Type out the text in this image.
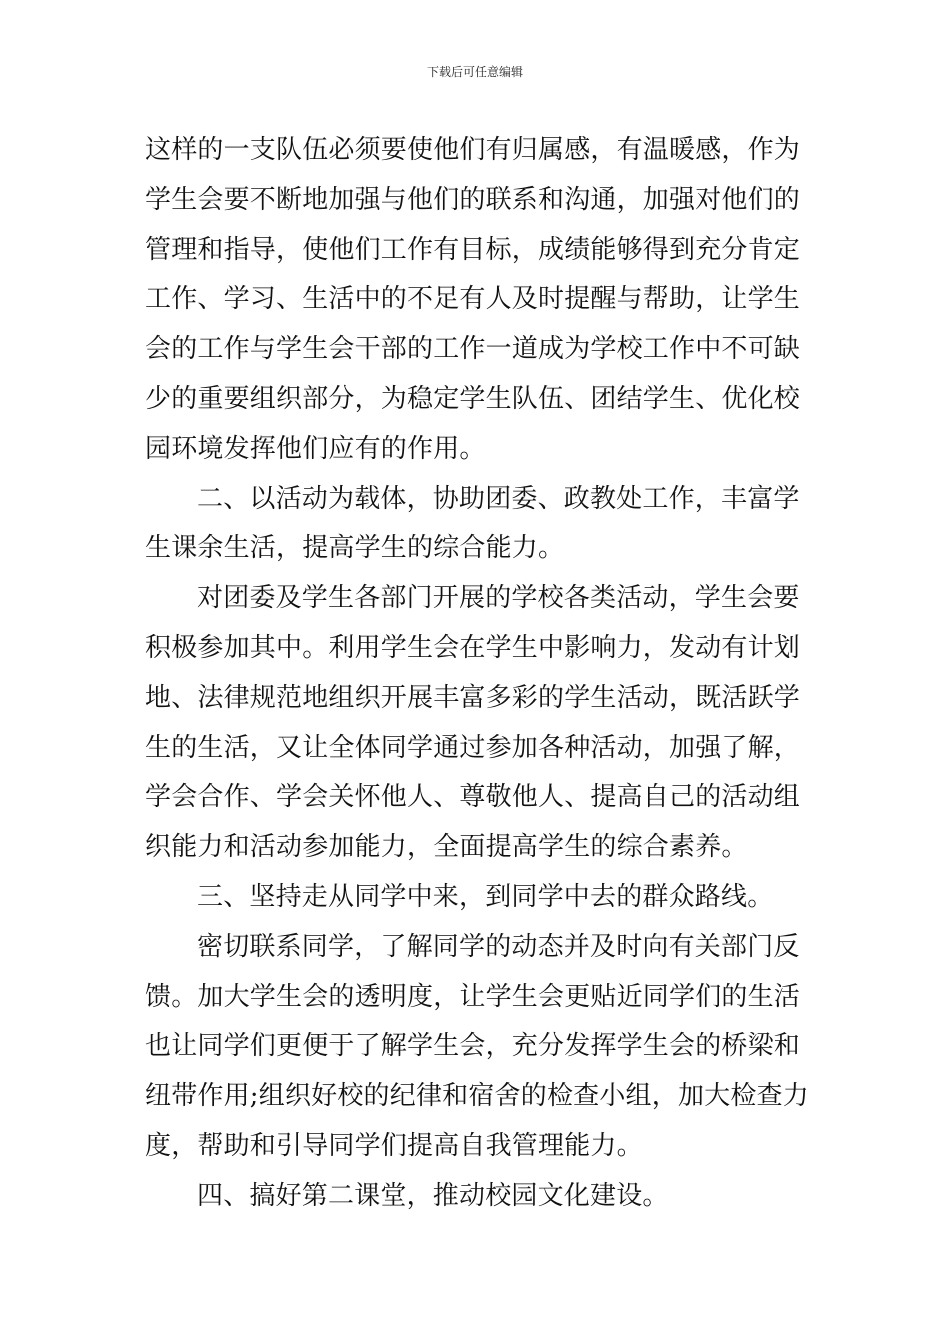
下载后可任意编辑
这样的一支队伍必须要使他们有归属感，有温暖感，作为
学生会要不断地加强与他们的联系和沟通，加强对他们的
管理和指导，使他们工作有目标，成绩能够得到充分肯定
工作、学习、生活中的不足有人及时提醒与帮助，让学生
会的工作与学生会干部的工作一道成为学校工作中不可缺
少的重要组织部分，为稳定学生队伍、团结学生、优化校
园环境发挥他们应有的作用。
二、以活动为载体，协助团委、政教处工作，丰富学
生课余生活，提高学生的综合能力。
对团委及学生各部门开展的学校各类活动，学生会要
积极参加其中。利用学生会在学生中影响力，发动有计划
地、法律规范地组织开展丰富多彩的学生活动，既活跃学
生的生活，又让全体同学通过参加各种活动，加强了解，
学会合作、学会关怀他人、尊敬他人、提高自己的活动组
织能力和活动参加能力，全面提高学生的综合素养。
三、坚持走从同学中来，到同学中去的群众路线。
密切联系同学，了解同学的动态并及时向有关部门反
馈。加大学生会的透明度，让学生会更贴近同学们的生活
也让同学们更便于了解学生会，充分发挥学生会的桥梁和
纽带作用;组织好校的纪律和宿舍的检查小组，加大检查力
度，帮助和引导同学们提高自我管理能力。
四、搞好第二课堂，推动校园文化建设。
